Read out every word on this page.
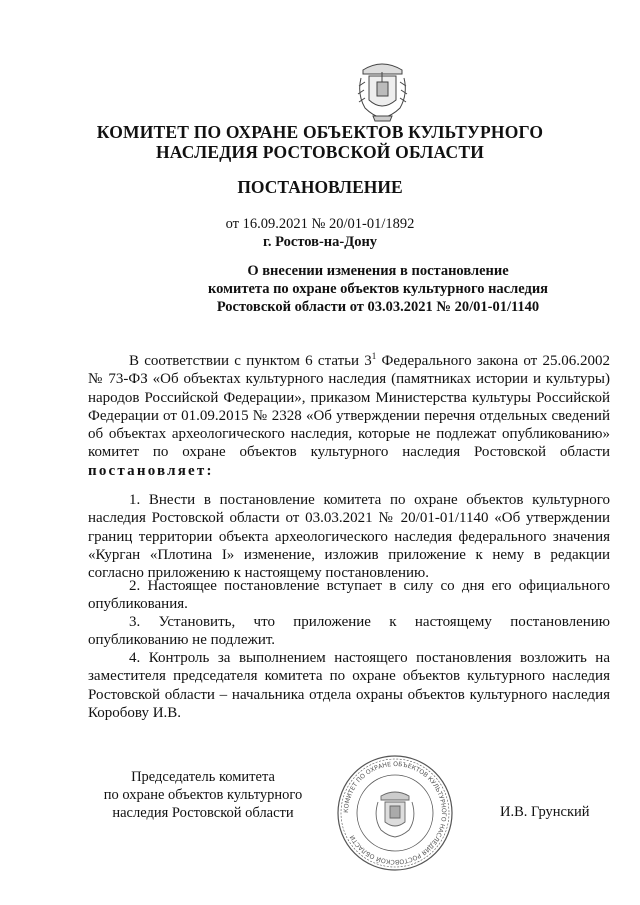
КОМИТЕТ ПО ОХРАНЕ ОБЪЕКТОВ КУЛЬТУРНОГО
НАСЛЕДИЯ РОСТОВСКОЙ ОБЛАСТИ
ПОСТАНОВЛЕНИЕ
от 16.09.2021 № 20/01-01/1892
г. Ростов-на-Дону
О внесении изменения в постановление
комитета по охране объектов культурного наследия
Ростовской области от 03.03.2021 № 20/01-01/1140
В соответствии с пунктом 6 статьи $3^1$ Федерального закона от 25.06.2002 № 73-ФЗ «Об объектах культурного наследия (памятниках истории и культуры) народов Российской Федерации», приказом Министерства культуры Российской Федерации от 01.09.2015 № 2328 «Об утверждении перечня отдельных сведений об объектах археологического наследия, которые не подлежат опубликованию» комитет по охране объектов культурного наследия Ростовской области постановляет:
1. Внести в постановление комитета по охране объектов культурного наследия Ростовской области от 03.03.2021 № 20/01-01/1140 «Об утверждении границ территории объекта археологического наследия федерального значения «Курган «Плотина I» изменение, изложив приложение к нему в редакции согласно приложению к настоящему постановлению.
2. Настоящее постановление вступает в силу со дня его официального опубликования.
3. Установить, что приложение к настоящему постановлению опубликованию не подлежит.
4. Контроль за выполнением настоящего постановления возложить на заместителя председателя комитета по охране объектов культурного наследия Ростовской области – начальника отдела охраны объектов культурного наследия Коробову И.В.
Председатель комитета
по охране объектов культурного
наследия Ростовской области	КОМИТЕТ ПО ОХРАНЕ ОБЪЕКТОВ КУЛЬТУРНОГО НАСЛЕДИЯ РОСТОВСКОЙ ОБЛАСТИ
И.В. Грунский
